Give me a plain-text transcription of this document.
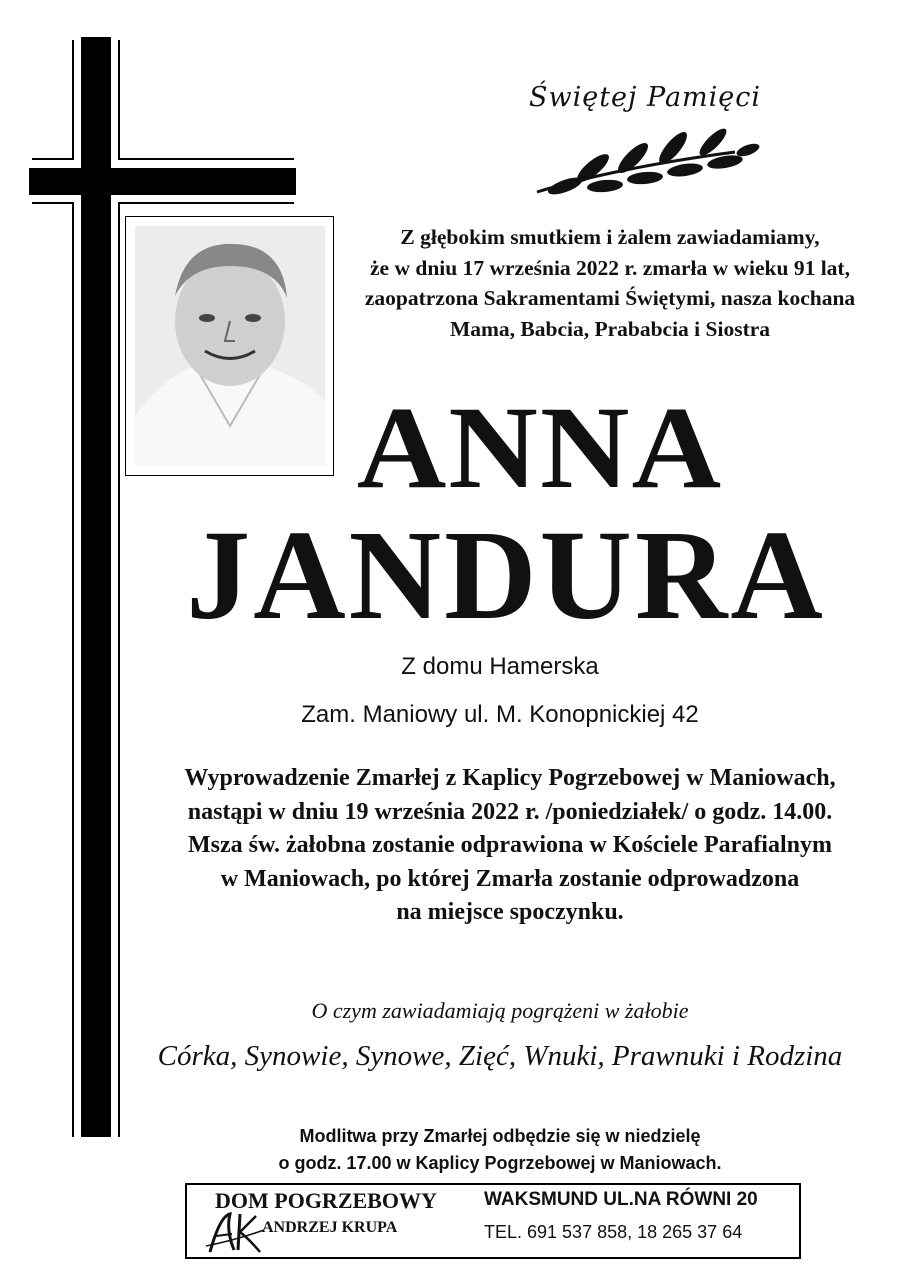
Świętej Pamięci
Z głębokim smutkiem i żalem zawiadamiamy,
że w dniu 17 września 2022 r. zmarła w wieku 91 lat,
zaopatrzona Sakramentami Świętymi, nasza kochana
Mama, Babcia, Prababcia i Siostra
ANNA
JANDURA
Z domu Hamerska
Zam. Maniowy ul. M. Konopnickiej 42
Wyprowadzenie Zmarłej z Kaplicy Pogrzebowej w Maniowach,
nastąpi w dniu 19 września 2022 r. /poniedziałek/ o godz. 14.00.
Msza św. żałobna zostanie odprawiona w Kościele Parafialnym
w Maniowach, po której Zmarła zostanie odprowadzona
na miejsce spoczynku.
O czym zawiadamiają pogrążeni w żałobie
Córka, Synowie, Synowe, Zięć, Wnuki, Prawnuki i Rodzina
Modlitwa przy Zmarłej odbędzie się w niedzielę
o godz. 17.00 w Kaplicy Pogrzebowej w Maniowach.
DOM POGRZEBOWY
ANDRZEJ KRUPA
WAKSMUND UL.NA RÓWNI 20
TEL. 691 537 858, 18 265 37 64
